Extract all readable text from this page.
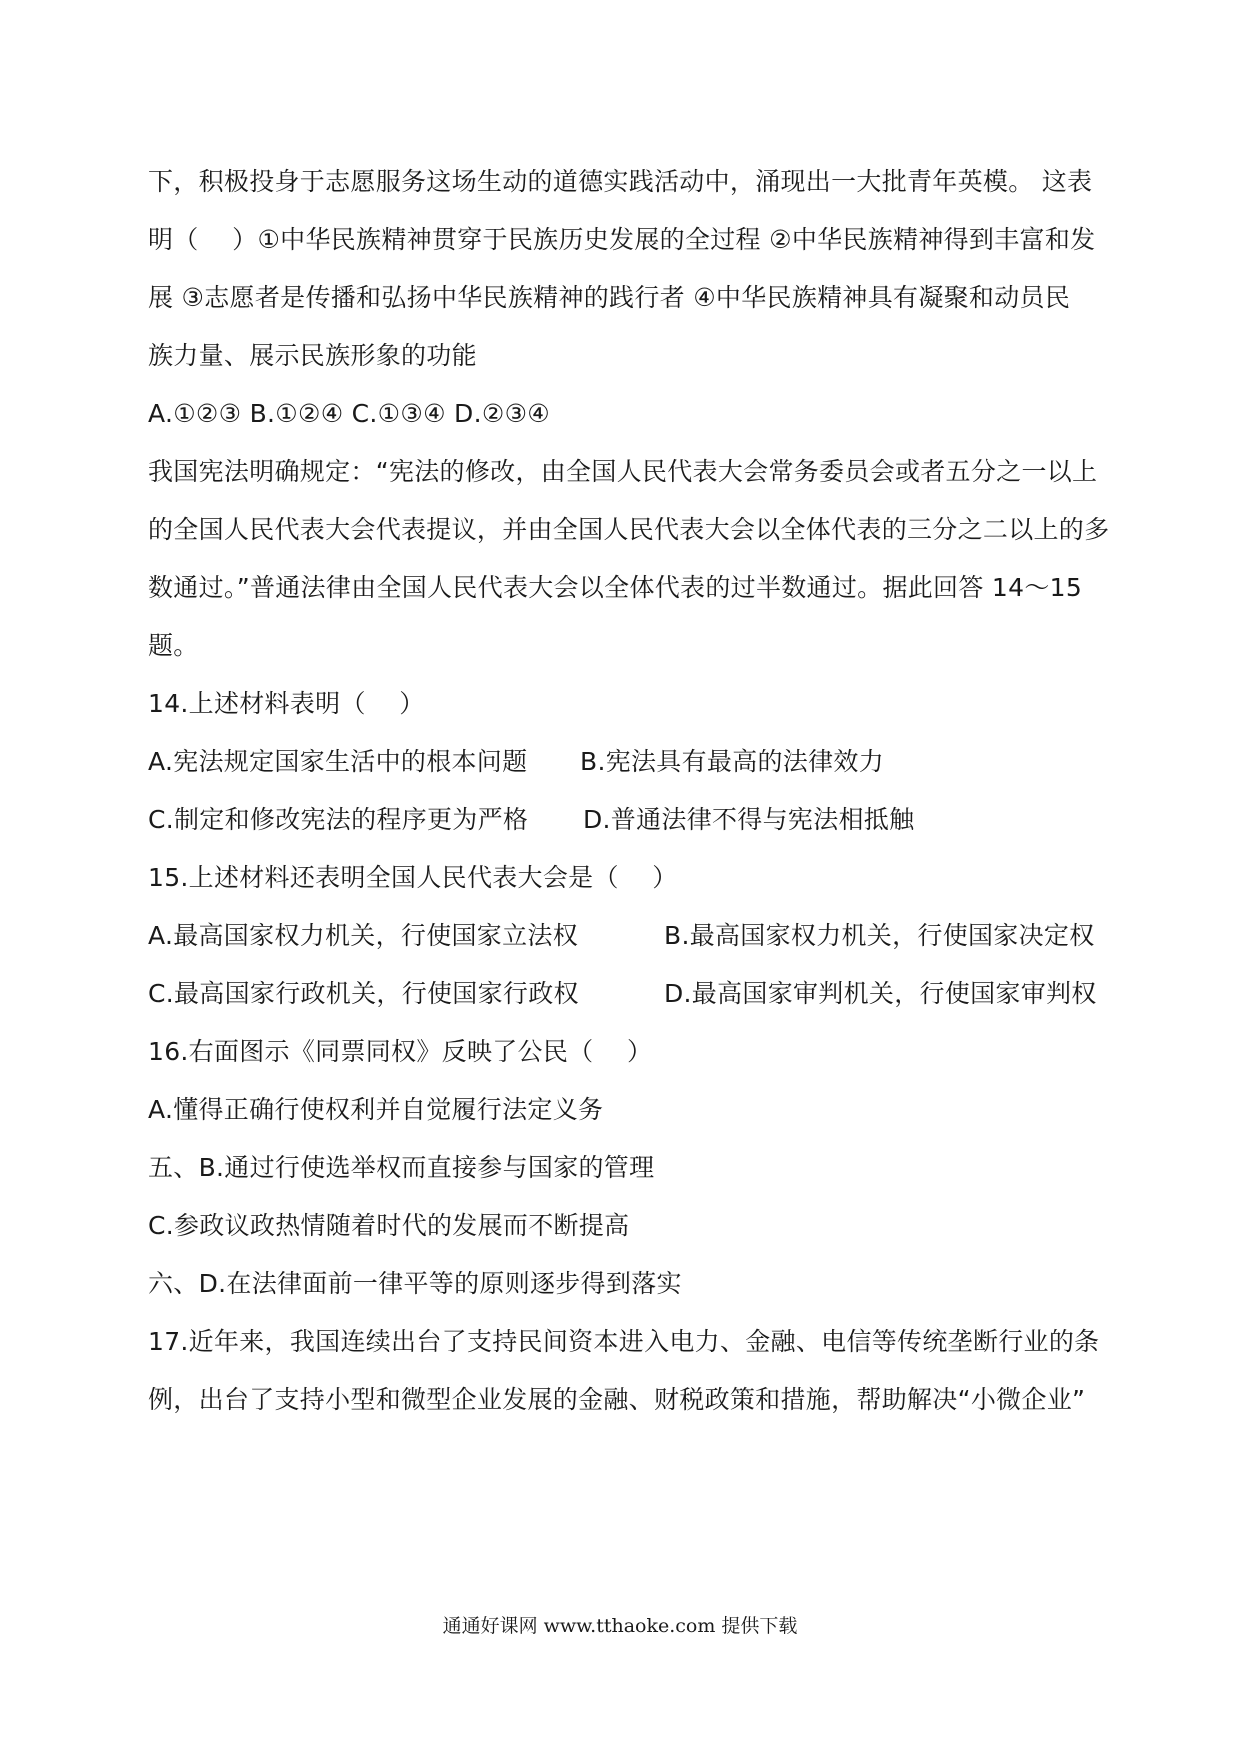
下，积极投身于志愿服务这场生动的道德实践活动中，涌现出一大批青年英模。 这表
明（　 ）①中华民族精神贯穿于民族历史发展的全过程 ②中华民族精神得到丰富和发
展 ③志愿者是传播和弘扬中华民族精神的践行者 ④中华民族精神具有凝聚和动员民
族力量、展示民族形象的功能
A.①②③ B.①②④ C.①③④ D.②③④
我国宪法明确规定：“宪法的修改，由全国人民代表大会常务委员会或者五分之一以上
的全国人民代表大会代表提议，并由全国人民代表大会以全体代表的三分之二以上的多
数通过。”普通法律由全国人民代表大会以全体代表的过半数通过。据此回答 14～15
题。
14.上述材料表明（　 ）
A.宪法规定国家生活中的根本问题 B.宪法具有最高的法律效力
C.制定和修改宪法的程序更为严格 D.普通法律不得与宪法相抵触
15.上述材料还表明全国人民代表大会是（　 ）
A.最高国家权力机关，行使国家立法权	B.最高国家权力机关，行使国家决定权
C.最高国家行政机关，行使国家行政权	D.最高国家审判机关，行使国家审判权
16.右面图示《同票同权》反映了公民（　 ）
A.懂得正确行使权利并自觉履行法定义务
五、B.通过行使选举权而直接参与国家的管理
C.参政议政热情随着时代的发展而不断提高
六、D.在法律面前一律平等的原则逐步得到落实
17.近年来，我国连续出台了支持民间资本进入电力、金融、电信等传统垄断行业的条
例，出台了支持小型和微型企业发展的金融、财税政策和措施，帮助解决“小微企业”
通通好课网 www.tthaoke.com 提供下载
